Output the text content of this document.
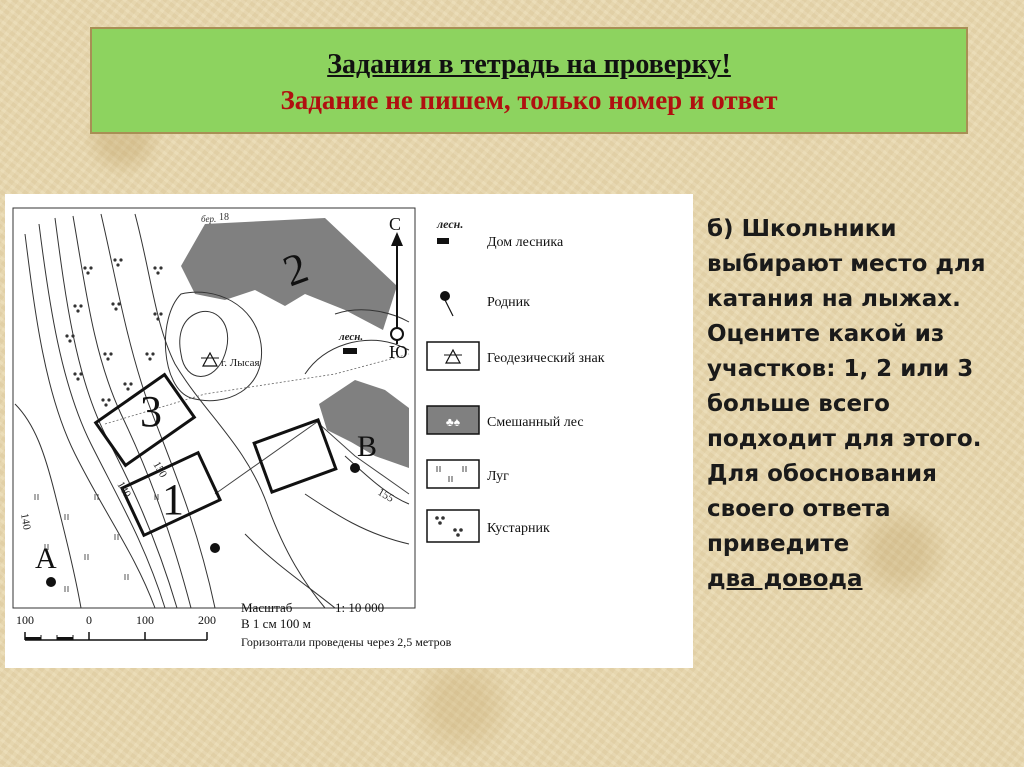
Задания в тетрадь на проверку!
Задание не пишем, только номер и ответ
2
3
1
А
В
г. Лысая
лесн.
бер. 18	С
Ю
150
140	155
140
лесн.
Дом лесника
Родник
Геодезический знак
♣♠ Смешанный лес
Луг
Кустарник
100	0	100	200
Масштаб	1: 10 000
В 1 см 100 м
Горизонтали проведены через 2,5 метров
б) Школьники
выбирают место для
катания на лыжах.
Оцените какой из
участков: 1, 2 или 3
больше всего
подходит для этого.
Для обоснования
своего ответа
приведите
два довода
